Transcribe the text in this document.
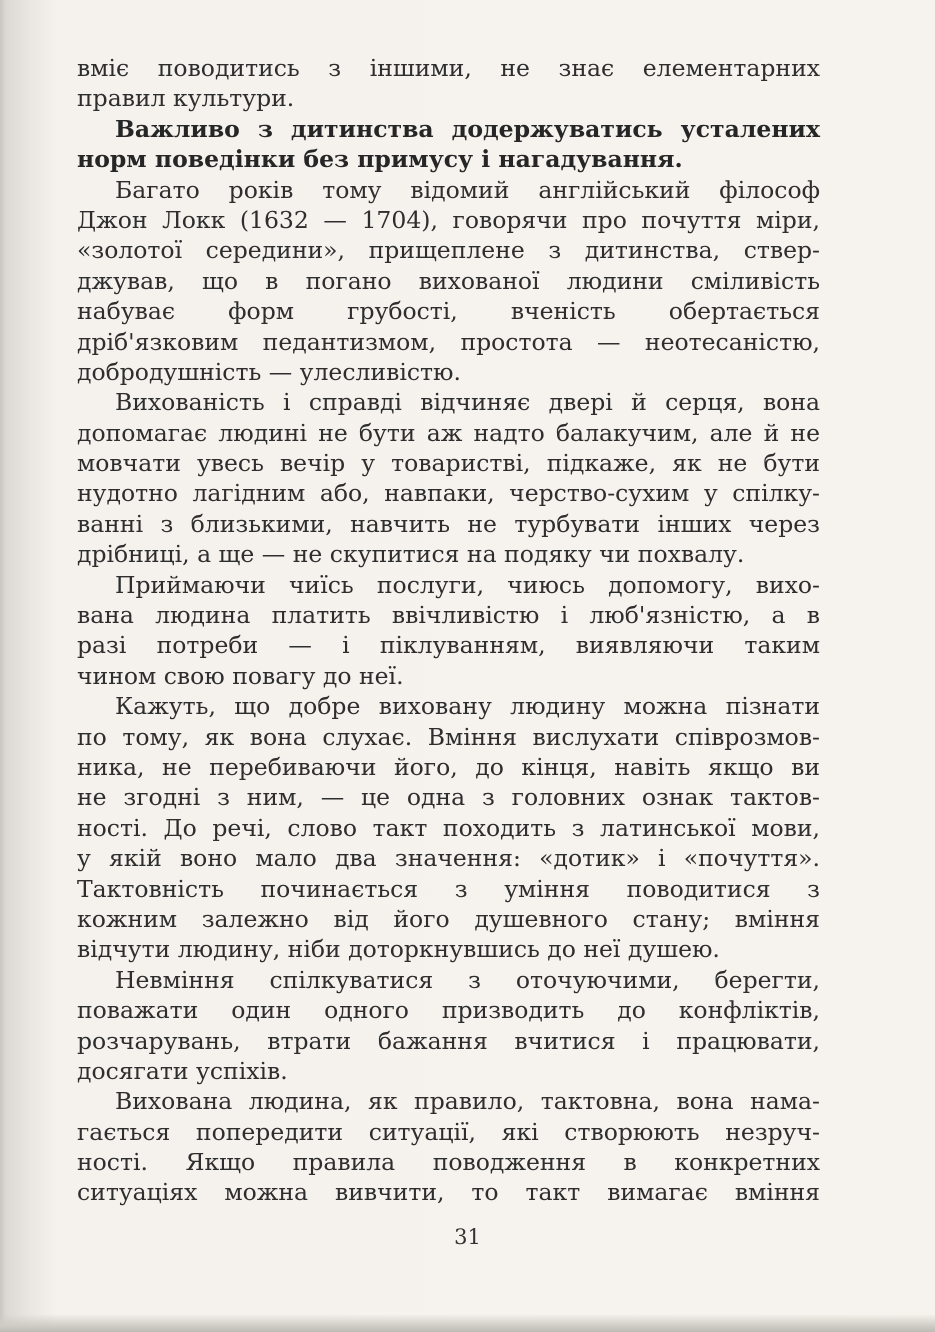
вміє поводитись з іншими, не знає елементарних
правил культури.
Важливо з дитинства додержуватись усталених
норм поведінки без примусу і нагадування.
Багато років тому відомий англійський філософ
Джон Локк (1632 — 1704), говорячи про почуття міри,
«золотої середини», прищеплене з дитинства, ствер-
джував, що в погано вихованої людини сміливість
набуває форм грубості, вченість обертається
дріб'язковим педантизмом, простота — неотесаністю,
добродушність — улесливістю.
Вихованість і справді відчиняє двері й серця, вона
допомагає людині не бути аж надто балакучим, але й не
мовчати увесь вечір у товаристві, підкаже, як не бути
нудотно лагідним або, навпаки, черство-сухим у спілку-
ванні з близькими, навчить не турбувати інших через
дрібниці, а ще — не скупитися на подяку чи похвалу.
Приймаючи чиїсь послуги, чиюсь допомогу, вихо-
вана людина платить ввічливістю і люб'язністю, а в
разі потреби — і піклуванням, виявляючи таким
чином свою повагу до неї.
Кажуть, що добре виховану людину можна пізнати
по тому, як вона слухає. Вміння вислухати співрозмов-
ника, не перебиваючи його, до кінця, навіть якщо ви
не згодні з ним, — це одна з головних ознак тактов-
ності. До речі, слово такт походить з латинської мови,
у якій воно мало два значення: «дотик» і «почуття».
Тактовність починається з уміння поводитися з
кожним залежно від його душевного стану; вміння
відчути людину, ніби доторкнувшись до неї душею.
Невміння спілкуватися з оточуючими, берегти,
поважати один одного призводить до конфліктів,
розчарувань, втрати бажання вчитися і працювати,
досягати успіхів.
Вихована людина, як правило, тактовна, вона нама-
гається попередити ситуації, які створюють незруч-
ності. Якщо правила поводження в конкретних
ситуаціях можна вивчити, то такт вимагає вміння
31
